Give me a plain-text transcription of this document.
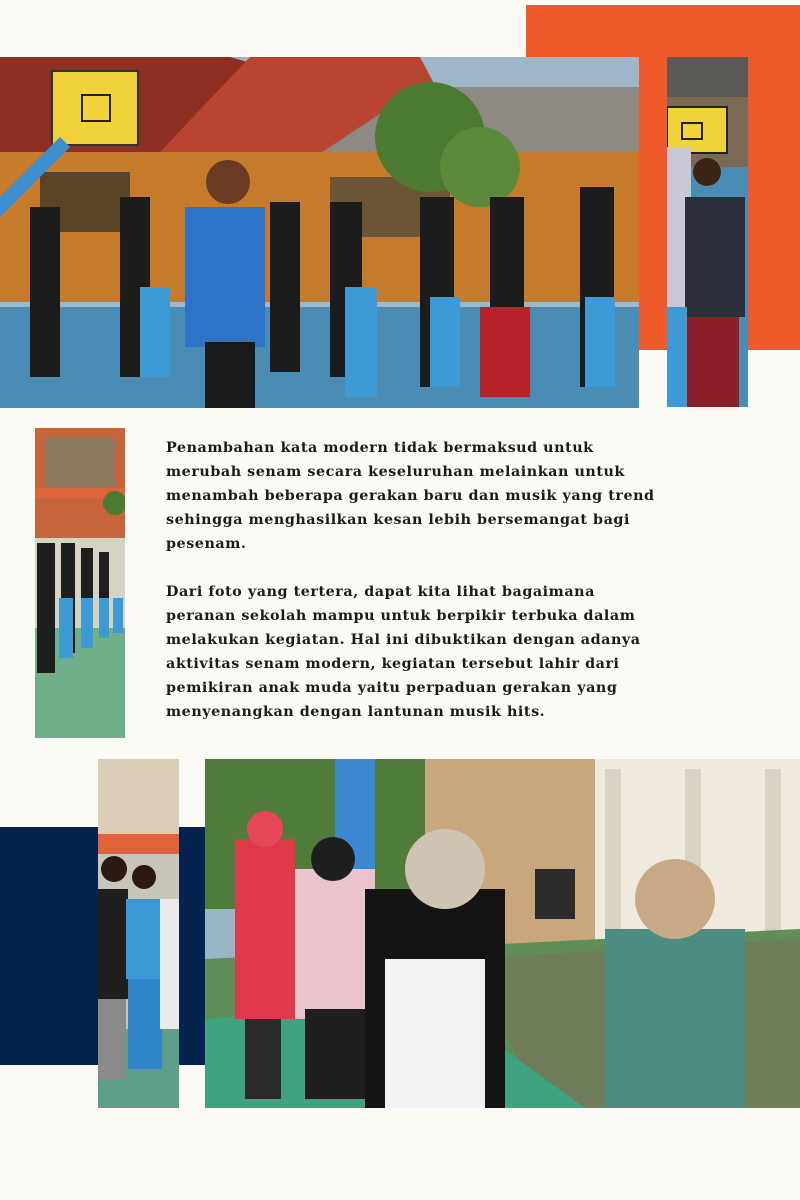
Penambahan kata modern tidak bermaksud untuk merubah senam secara keseluruhan melainkan untuk menambah beberapa gerakan baru dan musik yang trend sehingga menghasilkan kesan lebih bersemangat bagi pesenam.

Dari foto yang tertera, dapat kita lihat bagaimana peranan sekolah mampu untuk berpikir terbuka dalam melakukan kegiatan. Hal ini dibuktikan dengan adanya aktivitas senam modern, kegiatan tersebut lahir dari pemikiran anak muda yaitu perpaduan gerakan yang menyenangkan dengan lantunan musik hits.
